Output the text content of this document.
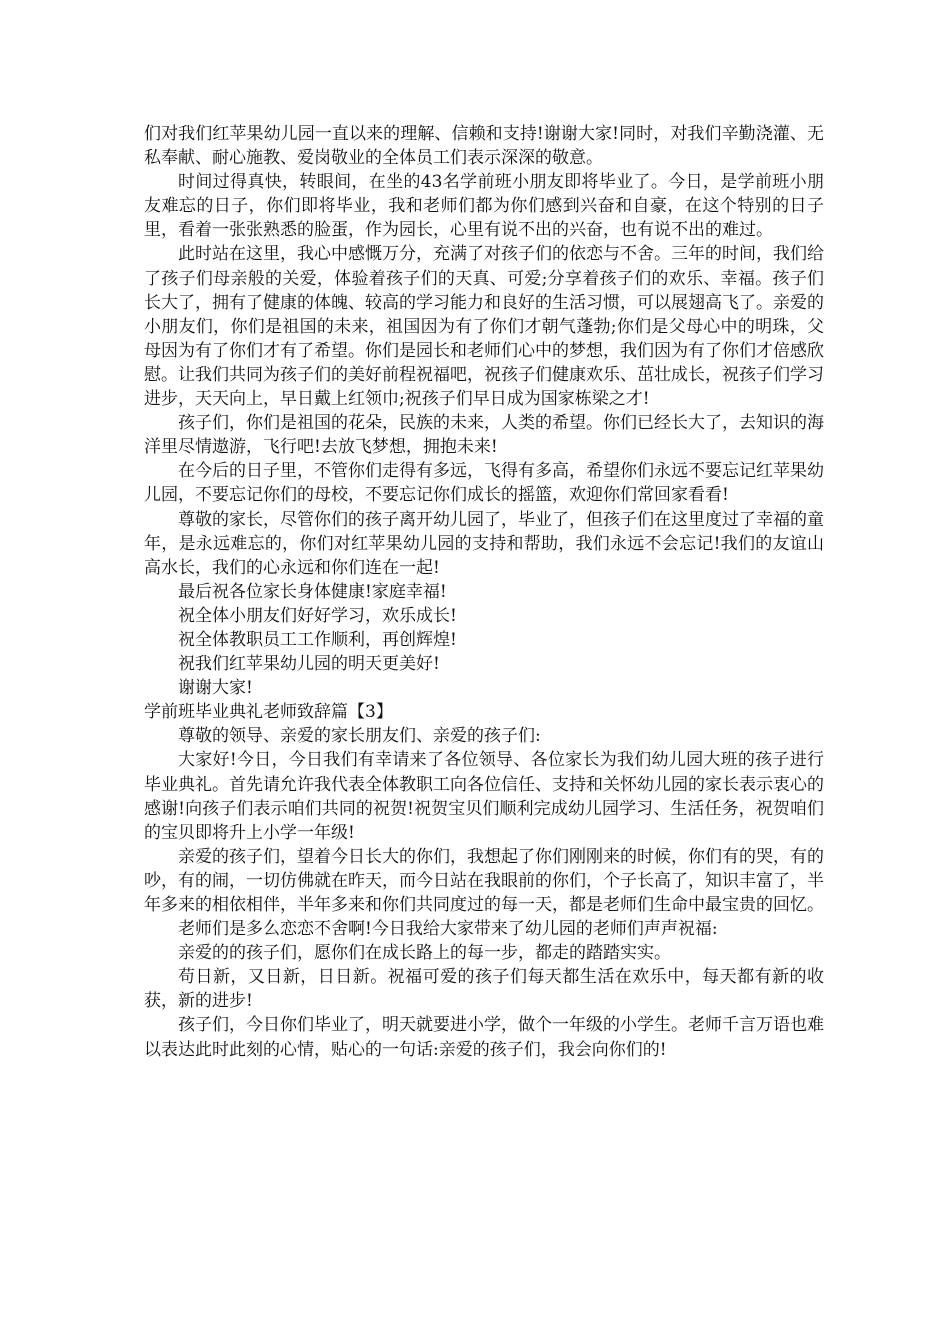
们对我们红苹果幼儿园一直以来的理解、信赖和支持!谢谢大家!同时，对我们辛勤浇灌、无私奉献、耐心施教、爱岗敬业的全体员工们表示深深的敬意。

时间过得真快，转眼间，在坐的43名学前班小朋友即将毕业了。今日，是学前班小朋友难忘的日子，你们即将毕业，我和老师们都为你们感到兴奋和自豪，在这个特别的日子里，看着一张张熟悉的脸蛋，作为园长，心里有说不出的兴奋，也有说不出的难过。

此时站在这里，我心中感慨万分，充满了对孩子们的依恋与不舍。三年的时间，我们给了孩子们母亲般的关爱，体验着孩子们的天真、可爱;分享着孩子们的欢乐、幸福。孩子们长大了，拥有了健康的体魄、较高的学习能力和良好的生活习惯，可以展翅高飞了。亲爱的小朋友们，你们是祖国的未来，祖国因为有了你们才朝气蓬勃;你们是父母心中的明珠，父母因为有了你们才有了希望。你们是园长和老师们心中的梦想，我们因为有了你们才倍感欣慰。让我们共同为孩子们的美好前程祝福吧，祝孩子们健康欢乐、茁壮成长，祝孩子们学习进步，天天向上，早日戴上红领巾;祝孩子们早日成为国家栋梁之才!

孩子们，你们是祖国的花朵，民族的未来，人类的希望。你们已经长大了，去知识的海洋里尽情遨游，飞行吧!去放飞梦想，拥抱未来!

在今后的日子里，不管你们走得有多远，飞得有多高，希望你们永远不要忘记红苹果幼儿园，不要忘记你们的母校，不要忘记你们成长的摇篮，欢迎你们常回家看看!

尊敬的家长，尽管你们的孩子离开幼儿园了，毕业了，但孩子们在这里度过了幸福的童年，是永远难忘的，你们对红苹果幼儿园的支持和帮助，我们永远不会忘记!我们的友谊山高水长，我们的心永远和你们连在一起!

最后祝各位家长身体健康!家庭幸福!

祝全体小朋友们好好学习，欢乐成长!

祝全体教职员工工作顺利，再创辉煌!

祝我们红苹果幼儿园的明天更美好!

谢谢大家!

学前班毕业典礼老师致辞篇【3】

尊敬的领导、亲爱的家长朋友们、亲爱的孩子们:

大家好!今日，今日我们有幸请来了各位领导、各位家长为我们幼儿园大班的孩子进行毕业典礼。首先请允许我代表全体教职工向各位信任、支持和关怀幼儿园的家长表示衷心的感谢!向孩子们表示咱们共同的祝贺!祝贺宝贝们顺利完成幼儿园学习、生活任务，祝贺咱们的宝贝即将升上小学一年级!

亲爱的孩子们，望着今日长大的你们，我想起了你们刚刚来的时候，你们有的哭，有的吵，有的闹，一切仿佛就在昨天，而今日站在我眼前的你们，个子长高了，知识丰富了，半年多来的相依相伴，半年多来和你们共同度过的每一天，都是老师们生命中最宝贵的回忆。

老师们是多么恋恋不舍啊!今日我给大家带来了幼儿园的老师们声声祝福:

亲爱的的孩子们，愿你们在成长路上的每一步，都走的踏踏实实。

苟日新，又日新，日日新。祝福可爱的孩子们每天都生活在欢乐中，每天都有新的收获，新的进步!

孩子们，今日你们毕业了，明天就要进小学，做个一年级的小学生。老师千言万语也难以表达此时此刻的心情，贴心的一句话:亲爱的孩子们，我会向你们的!
